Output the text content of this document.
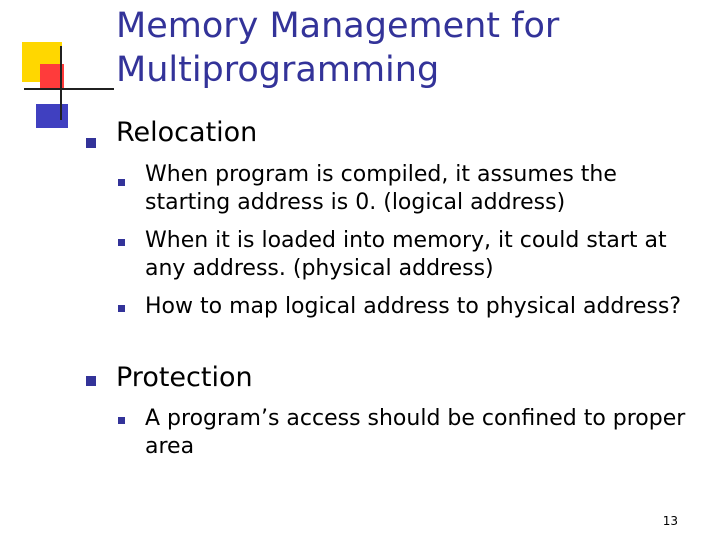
Memory Management for
Multiprogramming

Relocation

When program is compiled, it assumes the starting address is 0. (logical address)

When it is loaded into memory, it could start at any address. (physical address)

How to map logical address to physical address?

Protection

A program’s access should be confined to proper area

13
